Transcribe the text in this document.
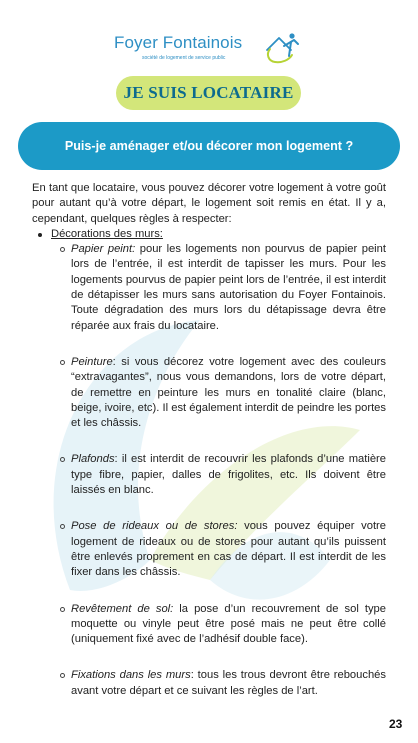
Foyer Fontainois
société de logement de service public
JE SUIS LOCATAIRE
Puis-je aménager et/ou décorer mon logement ?

En tant que locataire, vous pouvez décorer votre logement à votre goût pour autant qu’à votre départ, le logement soit remis en état. Il y a, cependant, quelques règles à respecter:

Décorations des murs:
Papier peint: pour les logements non pourvus de papier peint lors de l’entrée, il est interdit de tapisser les murs. Pour les logements pourvus de papier peint lors de l’entrée, il est interdit de détapisser les murs sans autorisation du Foyer Fontainois. Toute dégradation des murs lors du détapissage devra être réparée aux frais du locataire.
Peinture: si vous décorez votre logement avec des couleurs “extravagantes”, nous vous demandons, lors de votre départ, de remettre en peinture les murs en tonalité claire (blanc, beige, ivoire, etc). Il est également interdit de peindre les portes et les châssis.
Plafonds: il est interdit de recouvrir les plafonds d’une matière type fibre, papier, dalles de frigolites, etc. Ils doivent être laissés en blanc.
Pose de rideaux ou de stores: vous pouvez équiper votre logement de rideaux ou de stores pour autant qu’ils puissent être enlevés proprement en cas de départ. Il est interdit de les fixer dans les châssis.
Revêtement de sol: la pose d’un recouvrement de sol type moquette ou vinyle peut être posé mais ne peut être collé (uniquement fixé avec de l’adhésif double face).
Fixations dans les murs: tous les trous devront être rebouchés avant votre départ et ce suivant les règles de l’art.
23
